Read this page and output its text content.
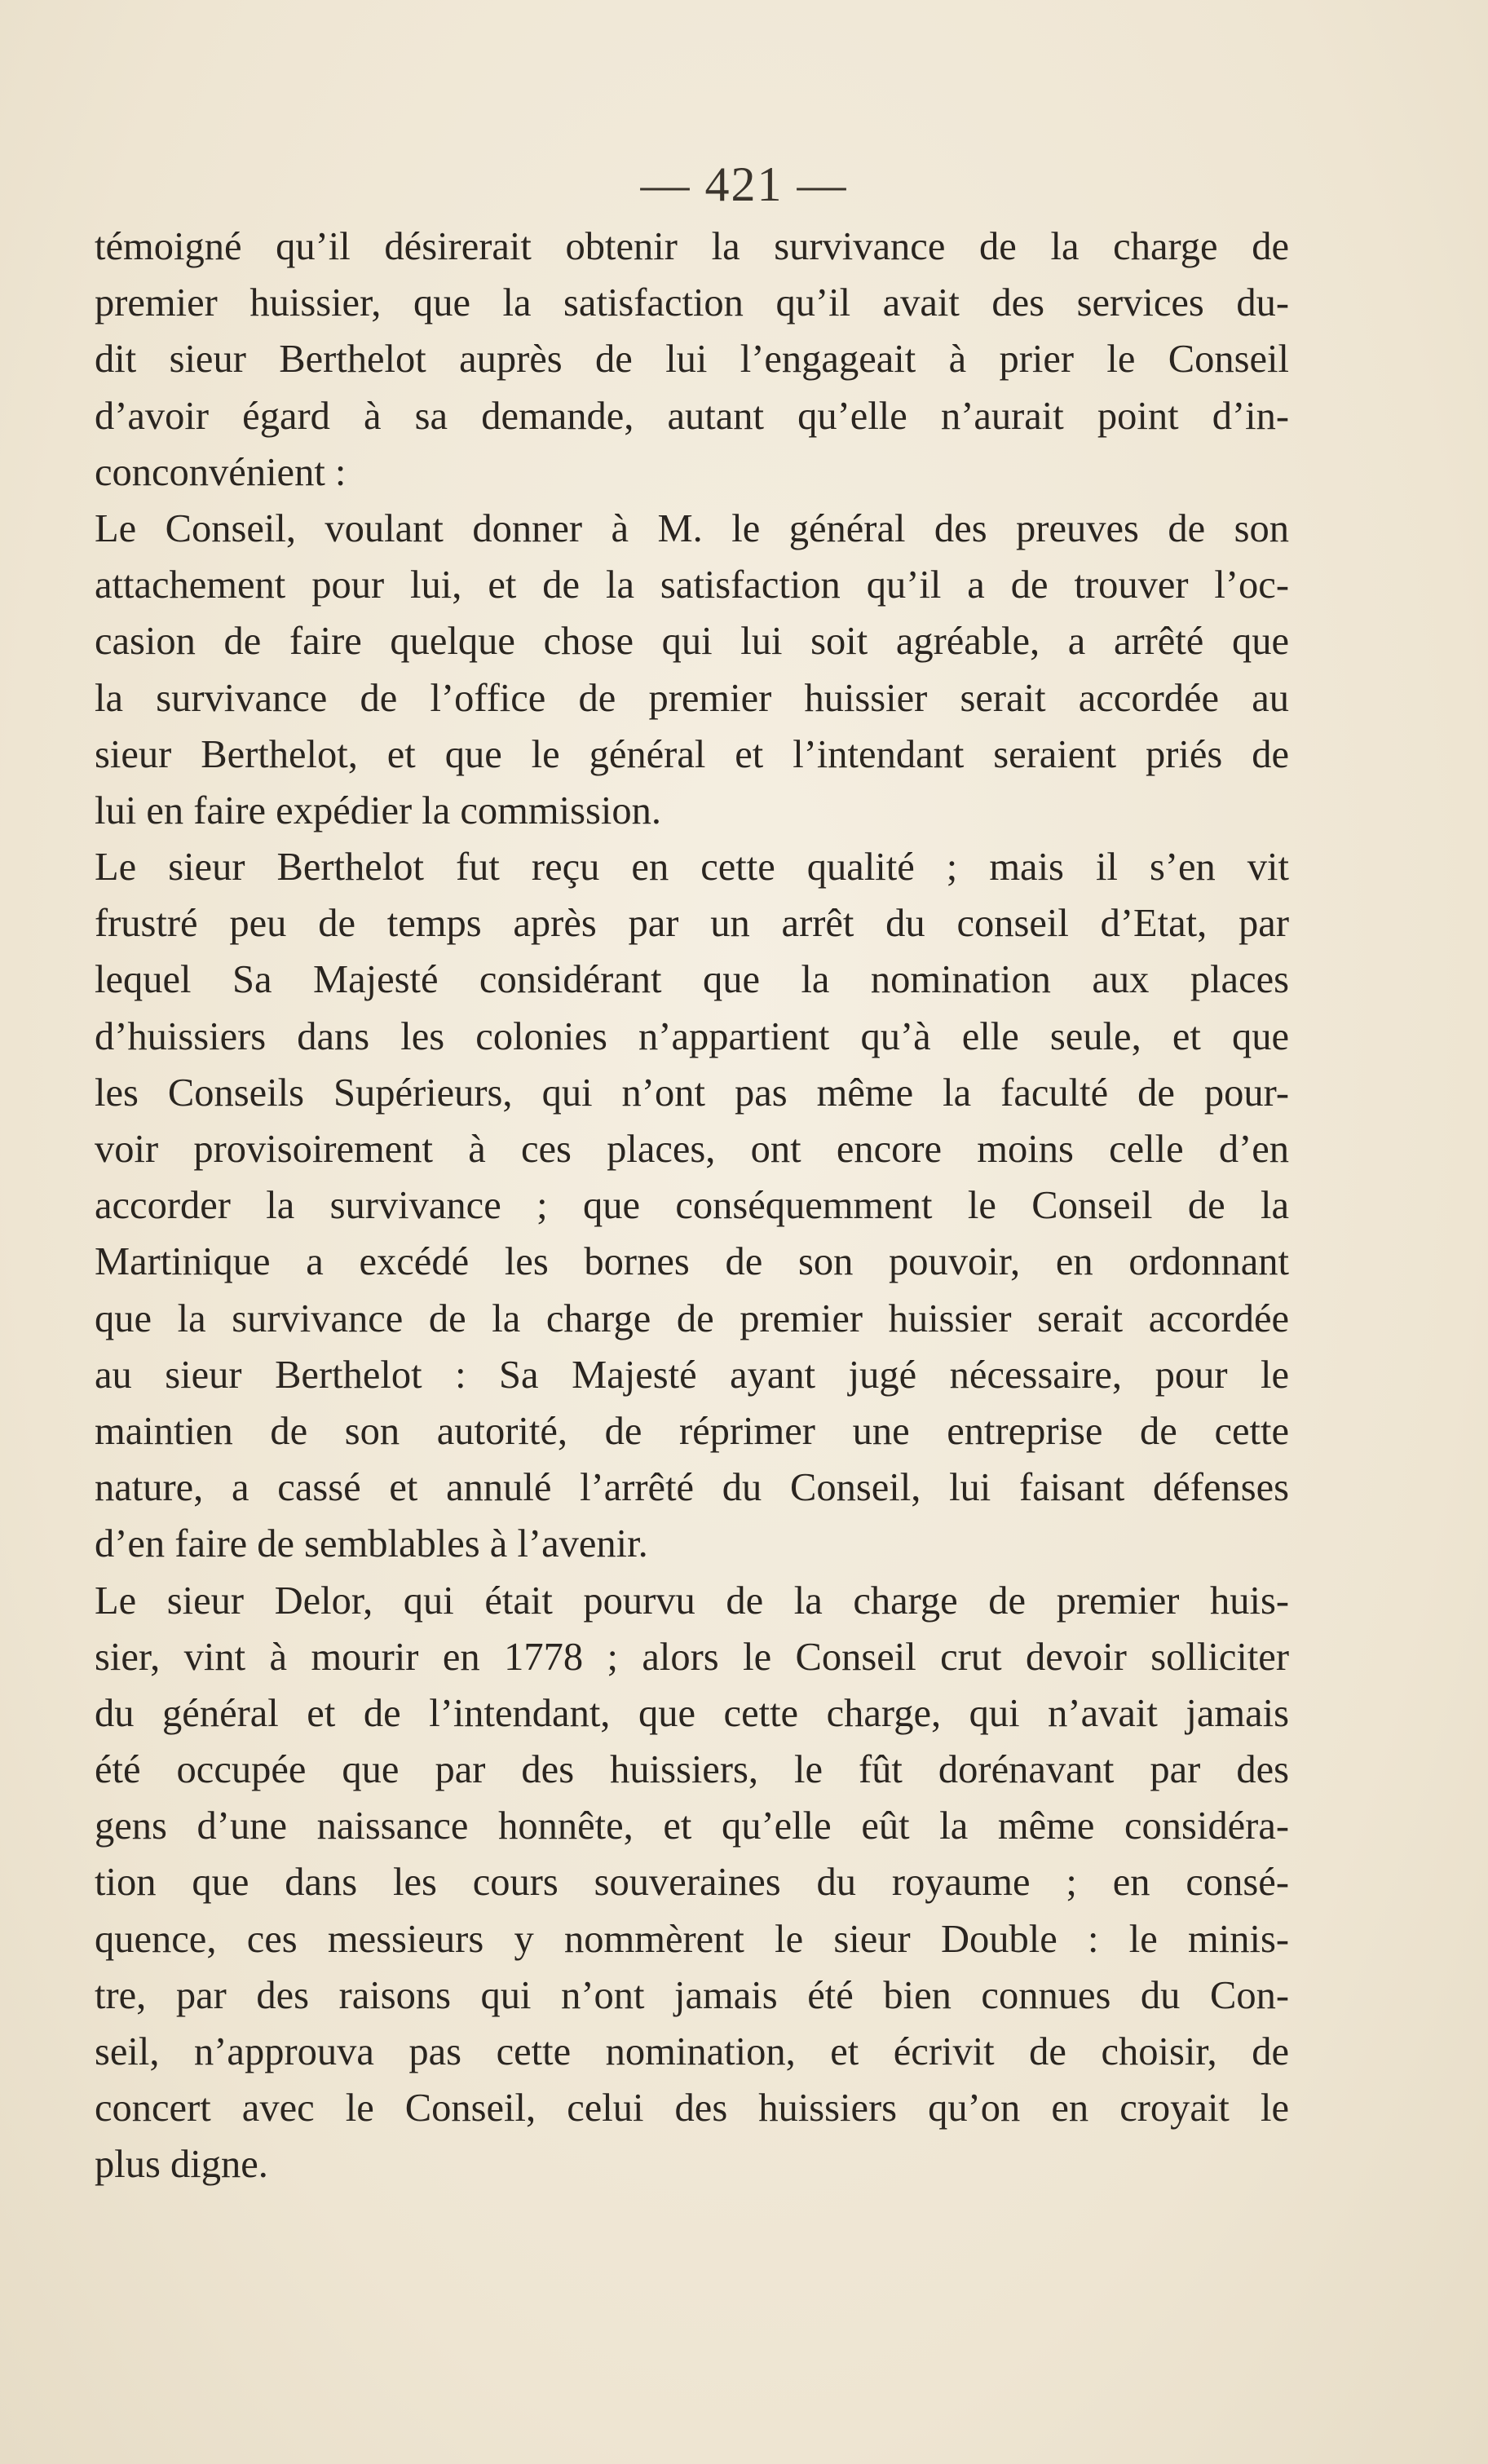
— 421 —
témoigné qu’il désirerait obtenir la survivance de la charge de
premier huissier, que la satisfaction qu’il avait des services du-
dit sieur Berthelot auprès de lui l’engageait à prier le Conseil
d’avoir égard à sa demande, autant qu’elle n’aurait point d’in-
conconvénient :
Le Conseil, voulant donner à M. le général des preuves de son
attachement pour lui, et de la satisfaction qu’il a de trouver l’oc-
casion de faire quelque chose qui lui soit agréable, a arrêté que
la survivance de l’office de premier huissier serait accordée au
sieur Berthelot, et que le général et l’intendant seraient priés de
lui en faire expédier la commission.
Le sieur Berthelot fut reçu en cette qualité ; mais il s’en vit
frustré peu de temps après par un arrêt du conseil d’Etat, par
lequel Sa Majesté considérant que la nomination aux places
d’huissiers dans les colonies n’appartient qu’à elle seule, et que
les Conseils Supérieurs, qui n’ont pas même la faculté de pour-
voir provisoirement à ces places, ont encore moins celle d’en
accorder la survivance ; que conséquemment le Conseil de la
Martinique a excédé les bornes de son pouvoir, en ordonnant
que la survivance de la charge de premier huissier serait accordée
au sieur Berthelot : Sa Majesté ayant jugé nécessaire, pour le
maintien de son autorité, de réprimer une entreprise de cette
nature, a cassé et annulé l’arrêté du Conseil, lui faisant défenses
d’en faire de semblables à l’avenir.
Le sieur Delor, qui était pourvu de la charge de premier huis-
sier, vint à mourir en 1778 ; alors le Conseil crut devoir solliciter
du général et de l’intendant, que cette charge, qui n’avait jamais
été occupée que par des huissiers, le fût dorénavant par des
gens d’une naissance honnête, et qu’elle eût la même considéra-
tion que dans les cours souveraines du royaume ; en consé-
quence, ces messieurs y nommèrent le sieur Double : le minis-
tre, par des raisons qui n’ont jamais été bien connues du Con-
seil, n’approuva pas cette nomination, et écrivit de choisir, de
concert avec le Conseil, celui des huissiers qu’on en croyait le
plus digne.
